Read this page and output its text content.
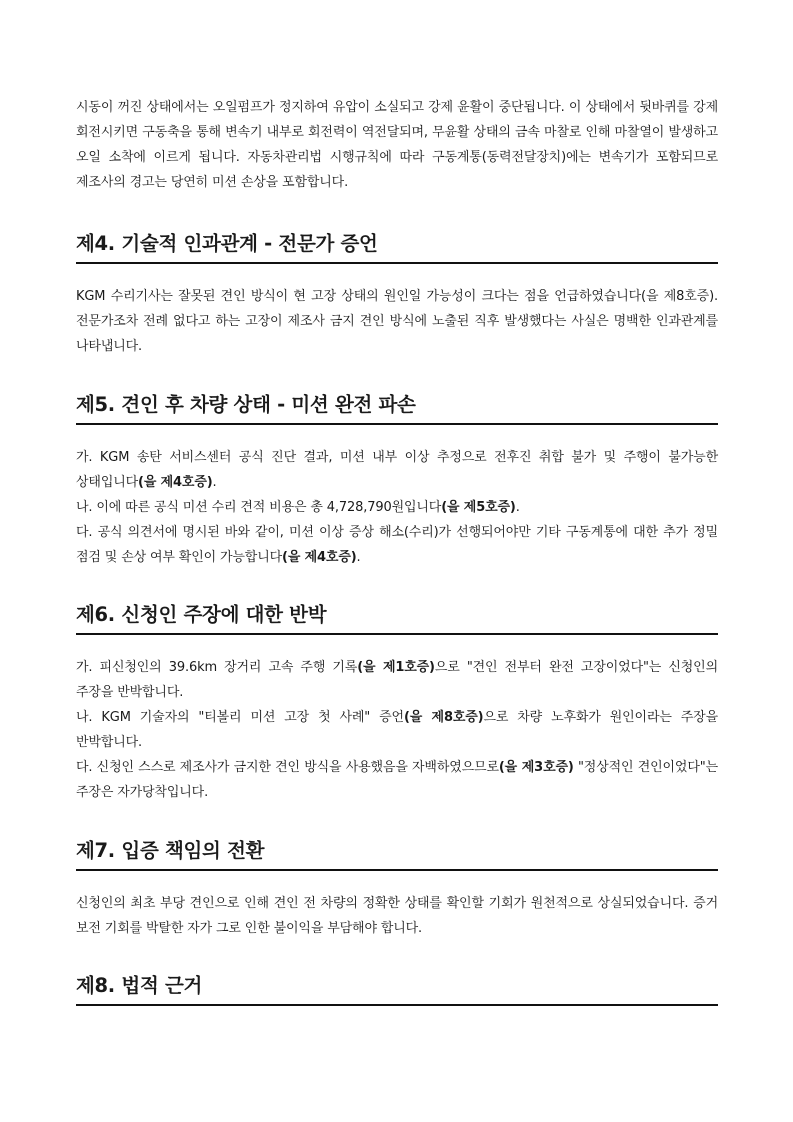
시동이 꺼진 상태에서는 오일펌프가 정지하여 유압이 소실되고 강제 윤활이 중단됩니다. 이 상태에서 뒷바퀴를 강제 회전시키면 구동축을 통해 변속기 내부로 회전력이 역전달되며, 무윤활 상태의 금속 마찰로 인해 마찰열이 발생하고 오일 소착에 이르게 됩니다. 자동차관리법 시행규칙에 따라 구동계통(동력전달장치)에는 변속기가 포함되므로 제조사의 경고는 당연히 미션 손상을 포함합니다.

제4. 기술적 인과관계 - 전문가 증언

KGM 수리기사는 잘못된 견인 방식이 현 고장 상태의 원인일 가능성이 크다는 점을 언급하였습니다(을 제8호증). 전문가조차 전례 없다고 하는 고장이 제조사 금지 견인 방식에 노출된 직후 발생했다는 사실은 명백한 인과관계를 나타냅니다.

제5. 견인 후 차량 상태 - 미션 완전 파손

가. KGM 송탄 서비스센터 공식 진단 결과, 미션 내부 이상 추정으로 전후진 취합 불가 및 주행이 불가능한 상태입니다(을 제4호증).

나. 이에 따른 공식 미션 수리 견적 비용은 총 4,728,790원입니다(을 제5호증).

다. 공식 의견서에 명시된 바와 같이, 미션 이상 증상 해소(수리)가 선행되어야만 기타 구동계통에 대한 추가 정밀 점검 및 손상 여부 확인이 가능합니다(을 제4호증).

제6. 신청인 주장에 대한 반박

가. 피신청인의 39.6km 장거리 고속 주행 기록(을 제1호증)으로 "견인 전부터 완전 고장이었다"는 신청인의 주장을 반박합니다.

나. KGM 기술자의 "티볼리 미션 고장 첫 사례" 증언(을 제8호증)으로 차량 노후화가 원인이라는 주장을 반박합니다.

다. 신청인 스스로 제조사가 금지한 견인 방식을 사용했음을 자백하였으므로(을 제3호증) "정상적인 견인이었다"는 주장은 자가당착입니다.

제7. 입증 책임의 전환

신청인의 최초 부당 견인으로 인해 견인 전 차량의 정확한 상태를 확인할 기회가 원천적으로 상실되었습니다. 증거 보전 기회를 박탈한 자가 그로 인한 불이익을 부담해야 합니다.

제8. 법적 근거
